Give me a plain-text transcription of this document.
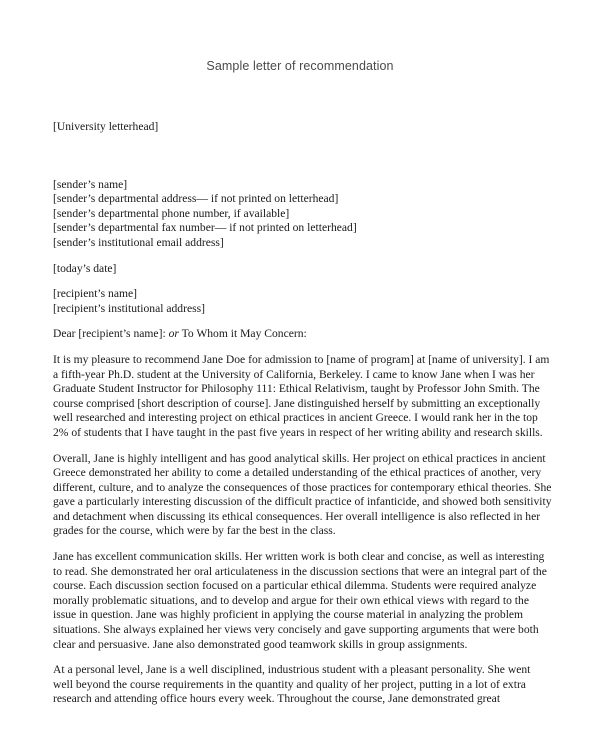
Sample letter of recommendation
[University letterhead]
[sender’s name]
[sender’s departmental address— if not printed on letterhead]
[sender’s departmental phone number, if available]
[sender’s departmental fax number— if not printed on letterhead]
[sender’s institutional email address]
[today’s date]
[recipient’s name]
[recipient’s institutional address]
Dear [recipient’s name]: or To Whom it May Concern:
It is my pleasure to recommend Jane Doe for admission to [name of program] at [name of university]. I am
a fifth-year Ph.D. student at the University of California, Berkeley. I came to know Jane when I was her
Graduate Student Instructor for Philosophy 111: Ethical Relativism, taught by Professor John Smith. The
course comprised [short description of course]. Jane distinguished herself by submitting an exceptionally
well researched and interesting project on ethical practices in ancient Greece. I would rank her in the top
2% of students that I have taught in the past five years in respect of her writing ability and research skills.
Overall, Jane is highly intelligent and has good analytical skills. Her project on ethical practices in ancient
Greece demonstrated her ability to come a detailed understanding of the ethical practices of another, very
different, culture, and to analyze the consequences of those practices for contemporary ethical theories. She
gave a particularly interesting discussion of the difficult practice of infanticide, and showed both sensitivity
and detachment when discussing its ethical consequences. Her overall intelligence is also reflected in her
grades for the course, which were by far the best in the class.
Jane has excellent communication skills. Her written work is both clear and concise, as well as interesting
to read. She demonstrated her oral articulateness in the discussion sections that were an integral part of the
course. Each discussion section focused on a particular ethical dilemma. Students were required analyze
morally problematic situations, and to develop and argue for their own ethical views with regard to the
issue in question. Jane was highly proficient in applying the course material in analyzing the problem
situations. She always explained her views very concisely and gave supporting arguments that were both
clear and persuasive. Jane also demonstrated good teamwork skills in group assignments.
At a personal level, Jane is a well disciplined, industrious student with a pleasant personality. She went
well beyond the course requirements in the quantity and quality of her project, putting in a lot of extra
research and attending office hours every week. Throughout the course, Jane demonstrated great
